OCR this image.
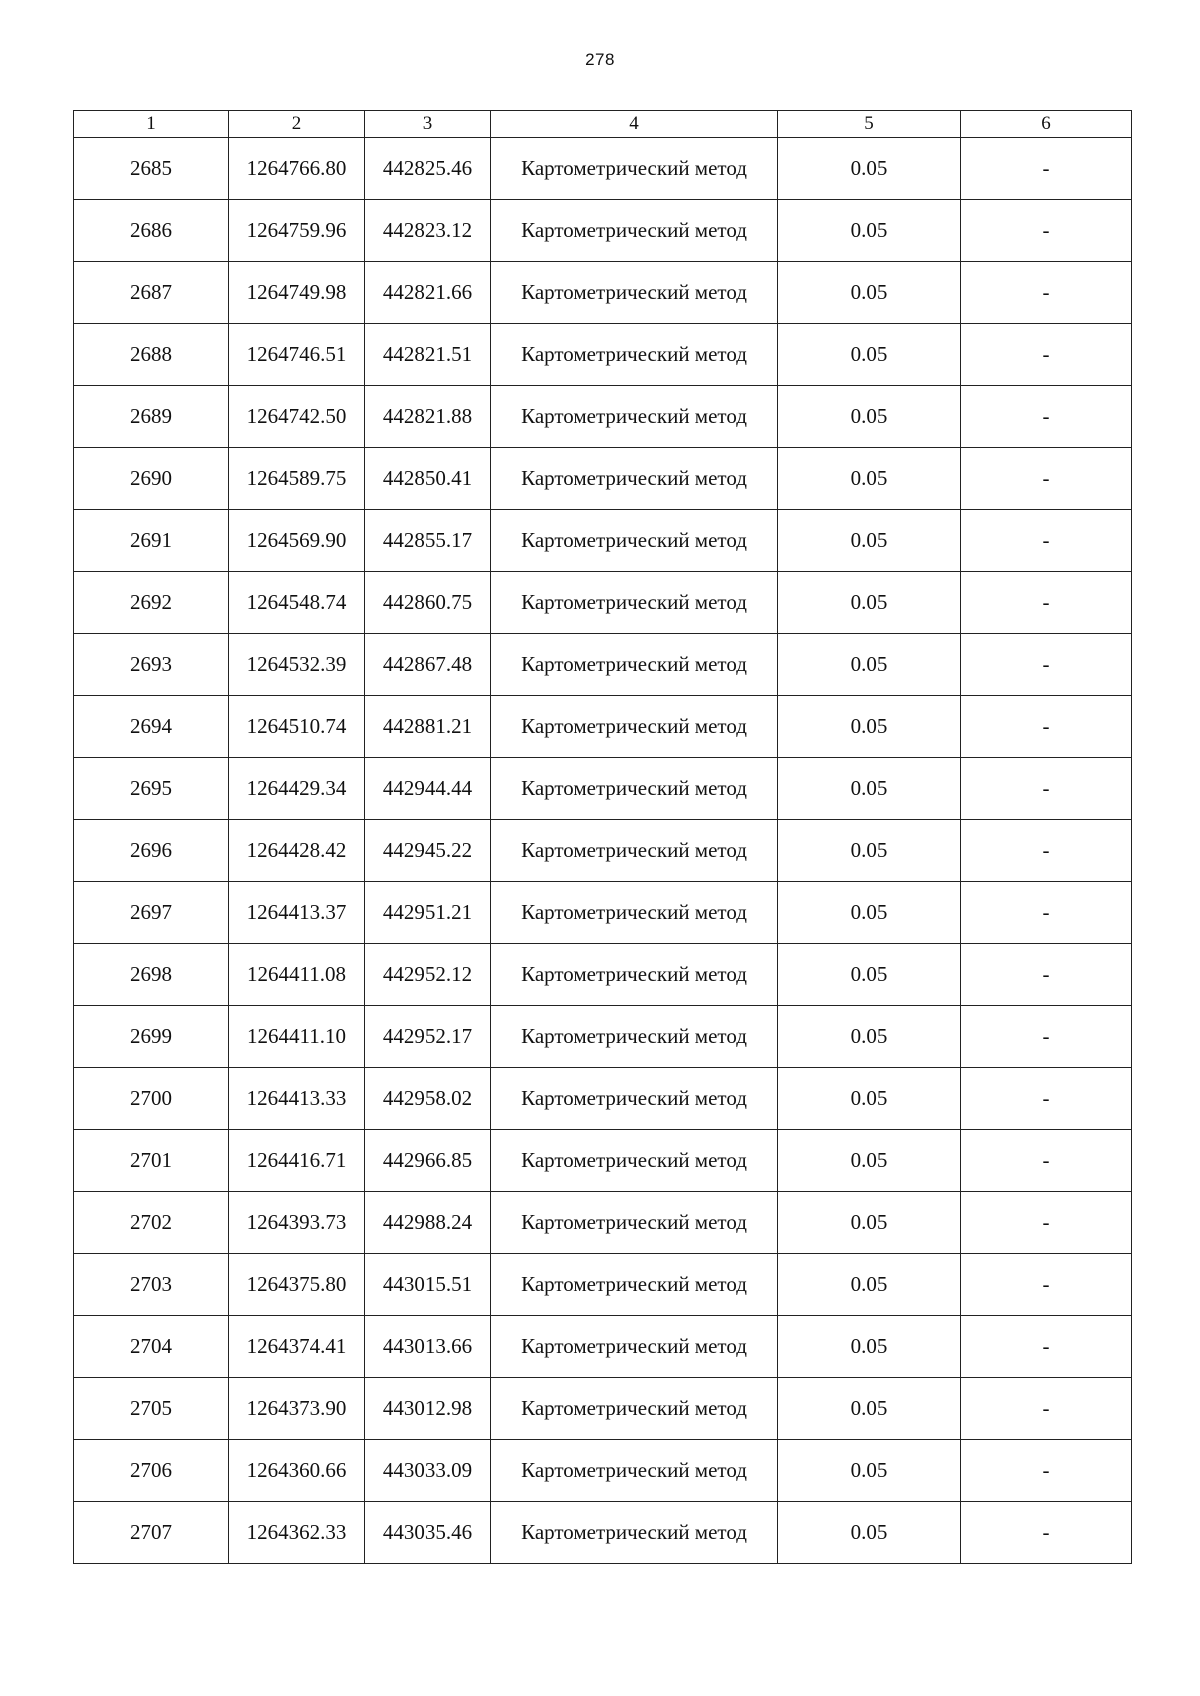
278
1	2	3	4	5	6
2685	1264766.80	442825.46	Картометрический метод	0.05	-
2686	1264759.96	442823.12	Картометрический метод	0.05	-
2687	1264749.98	442821.66	Картометрический метод	0.05	-
2688	1264746.51	442821.51	Картометрический метод	0.05	-
2689	1264742.50	442821.88	Картометрический метод	0.05	-
2690	1264589.75	442850.41	Картометрический метод	0.05	-
2691	1264569.90	442855.17	Картометрический метод	0.05	-
2692	1264548.74	442860.75	Картометрический метод	0.05	-
2693	1264532.39	442867.48	Картометрический метод	0.05	-
2694	1264510.74	442881.21	Картометрический метод	0.05	-
2695	1264429.34	442944.44	Картометрический метод	0.05	-
2696	1264428.42	442945.22	Картометрический метод	0.05	-
2697	1264413.37	442951.21	Картометрический метод	0.05	-
2698	1264411.08	442952.12	Картометрический метод	0.05	-
2699	1264411.10	442952.17	Картометрический метод	0.05	-
2700	1264413.33	442958.02	Картометрический метод	0.05	-
2701	1264416.71	442966.85	Картометрический метод	0.05	-
2702	1264393.73	442988.24	Картометрический метод	0.05	-
2703	1264375.80	443015.51	Картометрический метод	0.05	-
2704	1264374.41	443013.66	Картометрический метод	0.05	-
2705	1264373.90	443012.98	Картометрический метод	0.05	-
2706	1264360.66	443033.09	Картометрический метод	0.05	-
2707	1264362.33	443035.46	Картометрический метод	0.05	-
